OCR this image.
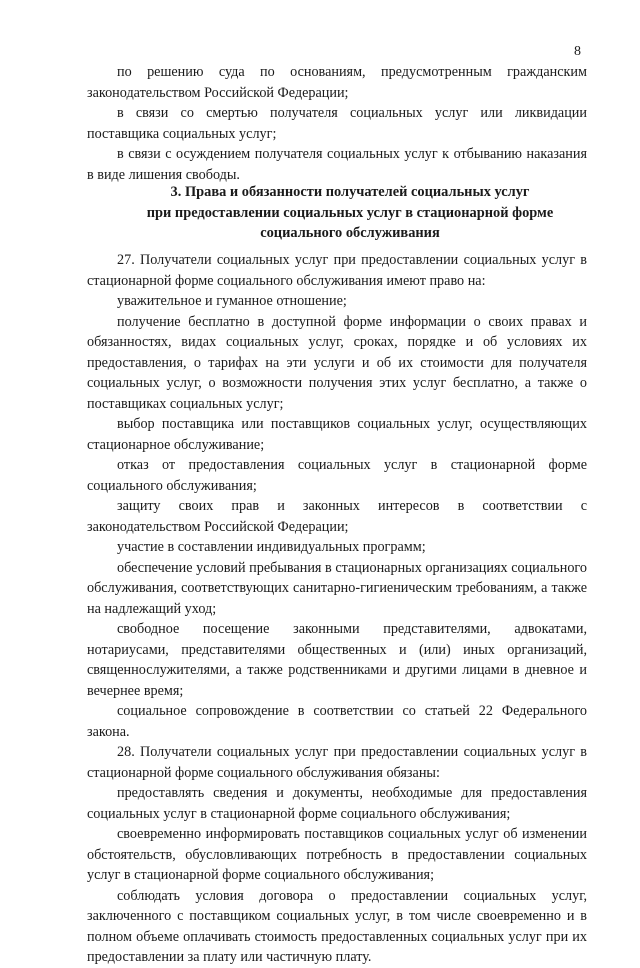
8

по решению суда по основаниям, предусмотренным гражданским законодательством Российской Федерации;

в связи со смертью получателя социальных услуг или ликвидации поставщика социальных услуг;

в связи с осуждением получателя социальных услуг к отбыванию наказания в виде лишения свободы.

3. Права и обязанности получателей социальных услуг
при предоставлении социальных услуг в стационарной форме
социального обслуживания

27. Получатели социальных услуг при предоставлении социальных услуг в стационарной форме социального обслуживания имеют право на:

уважительное и гуманное отношение;

получение бесплатно в доступной форме информации о своих правах и обязанностях, видах социальных услуг, сроках, порядке и об условиях их предоставления, о тарифах на эти услуги и об их стоимости для получателя социальных услуг, о возможности получения этих услуг бесплатно, а также о поставщиках социальных услуг;

выбор поставщика или поставщиков социальных услуг, осуществляющих стационарное обслуживание;

отказ от предоставления социальных услуг в стационарной форме социального обслуживания;

защиту своих прав и законных интересов в соответствии с законодательством Российской Федерации;

участие в составлении индивидуальных программ;

обеспечение условий пребывания в стационарных организациях социального обслуживания, соответствующих санитарно-гигиеническим требованиям, а также на надлежащий уход;

свободное посещение законными представителями, адвокатами, нотариусами, представителями общественных и (или) иных организаций, священнослужителями, а также родственниками и другими лицами в дневное и вечернее время;

социальное сопровождение в соответствии со статьей 22 Федерального закона.

28. Получатели социальных услуг при предоставлении социальных услуг в стационарной форме социального обслуживания обязаны:

предоставлять сведения и документы, необходимые для предоставления социальных услуг в стационарной форме социального обслуживания;

своевременно информировать поставщиков социальных услуг об изменении обстоятельств, обусловливающих потребность в предоставлении социальных услуг в стационарной форме социального обслуживания;

соблюдать условия договора о предоставлении социальных услуг, заключенного с поставщиком социальных услуг, в том числе своевременно и в полном объеме оплачивать стоимость предоставленных социальных услуг при их предоставлении за плату или частичную плату.
